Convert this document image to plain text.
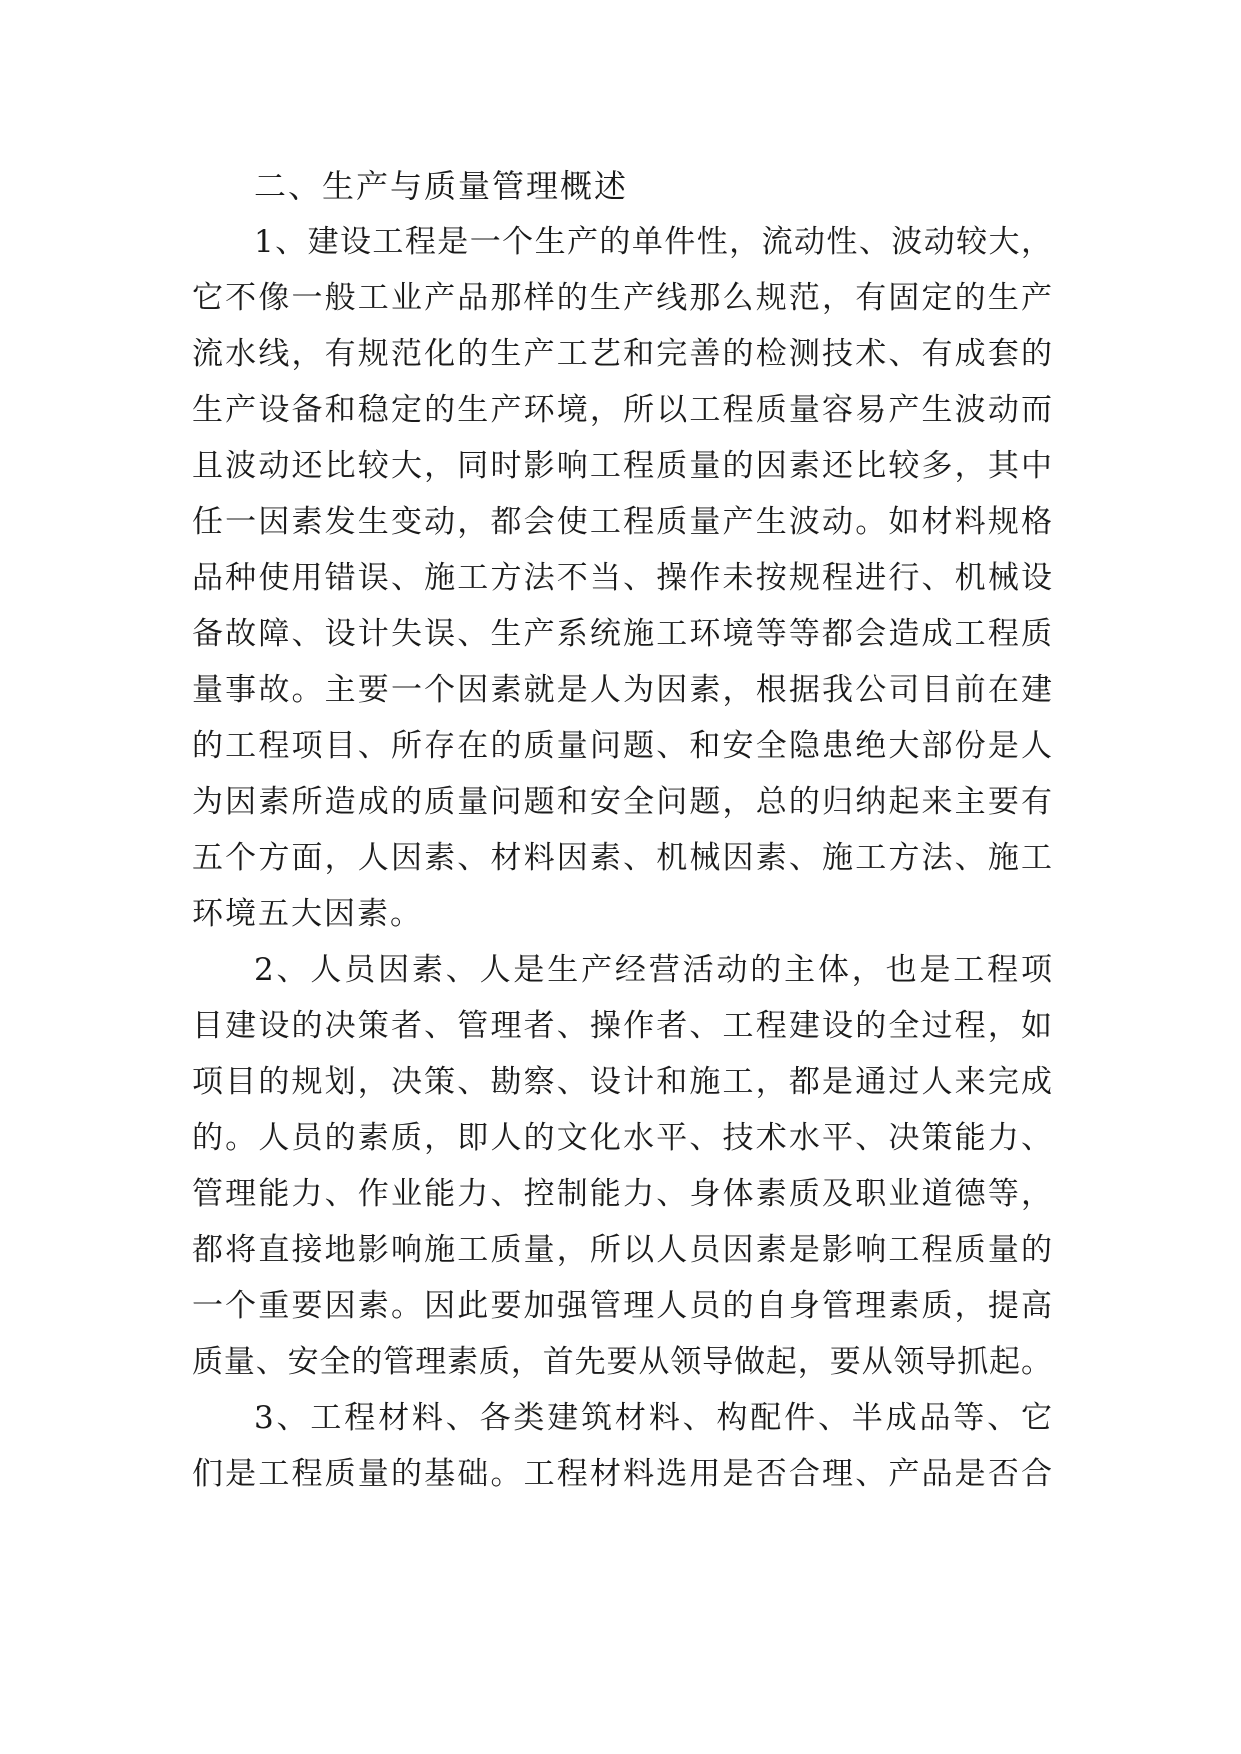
二、生产与质量管理概述
1、建设工程是一个生产的单件性，流动性、波动较大，
它不像一般工业产品那样的生产线那么规范，有固定的生产
流水线，有规范化的生产工艺和完善的检测技术、有成套的
生产设备和稳定的生产环境，所以工程质量容易产生波动而
且波动还比较大，同时影响工程质量的因素还比较多，其中
任一因素发生变动，都会使工程质量产生波动。如材料规格
品种使用错误、施工方法不当、操作未按规程进行、机械设
备故障、设计失误、生产系统施工环境等等都会造成工程质
量事故。主要一个因素就是人为因素，根据我公司目前在建
的工程项目、所存在的质量问题、和安全隐患绝大部份是人
为因素所造成的质量问题和安全问题，总的归纳起来主要有
五个方面，人因素、材料因素、机械因素、施工方法、施工
环境五大因素。
2、人员因素、人是生产经营活动的主体，也是工程项
目建设的决策者、管理者、操作者、工程建设的全过程，如
项目的规划，决策、勘察、设计和施工，都是通过人来完成
的。人员的素质，即人的文化水平、技术水平、决策能力、
管理能力、作业能力、控制能力、身体素质及职业道德等，
都将直接地影响施工质量，所以人员因素是影响工程质量的
一个重要因素。因此要加强管理人员的自身管理素质，提高
质量、安全的管理素质，首先要从领导做起，要从领导抓起。
3、工程材料、各类建筑材料、构配件、半成品等、它
们是工程质量的基础。工程材料选用是否合理、产品是否合
